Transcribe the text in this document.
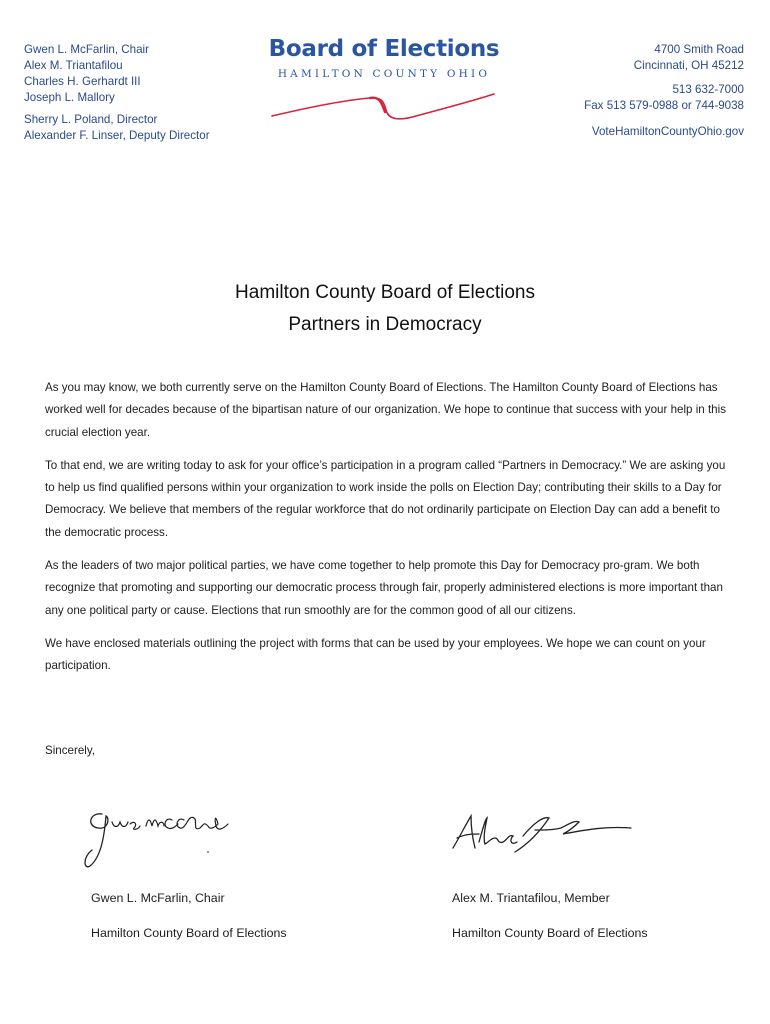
Gwen L. McFarlin, Chair
Alex M. Triantafilou
Charles H. Gerhardt III
Joseph L. Mallory
Sherry L. Poland, Director
Alexander F. Linser, Deputy Director
Board of Elections
HAMILTON COUNTY OHIO
4700 Smith Road
Cincinnati, OH 45212
513 632-7000
Fax 513 579-0988 or 744-9038
VoteHamiltonCountyOhio.gov
Hamilton County Board of Elections
Partners in Democracy

As you may know, we both currently serve on the Hamilton County Board of Elections. The Hamilton County Board of Elections has worked well for decades because of the bipartisan nature of our organization. We hope to continue that success with your help in this crucial election year.

To that end, we are writing today to ask for your office’s participation in a program called “Partners in Democracy.” We are asking you to help us find qualified persons within your organization to work inside the polls on Election Day; contributing their skills to a Day for Democracy. We believe that members of the regular workforce that do not ordinarily participate on Election Day can add a benefit to the democratic process.

As the leaders of two major political parties, we have come together to help promote this Day for Democracy pro-gram. We both recognize that promoting and supporting our democratic process through fair, properly administered elections is more important than any one political party or cause. Elections that run smoothly are for the common good of all our citizens.

We have enclosed materials outlining the project with forms that can be used by your employees. We hope we can count on your participation.

Sincerely,
Gwen L. McFarlin, Chair
Hamilton County Board of Elections
Alex M. Triantafilou, Member
Hamilton County Board of Elections
